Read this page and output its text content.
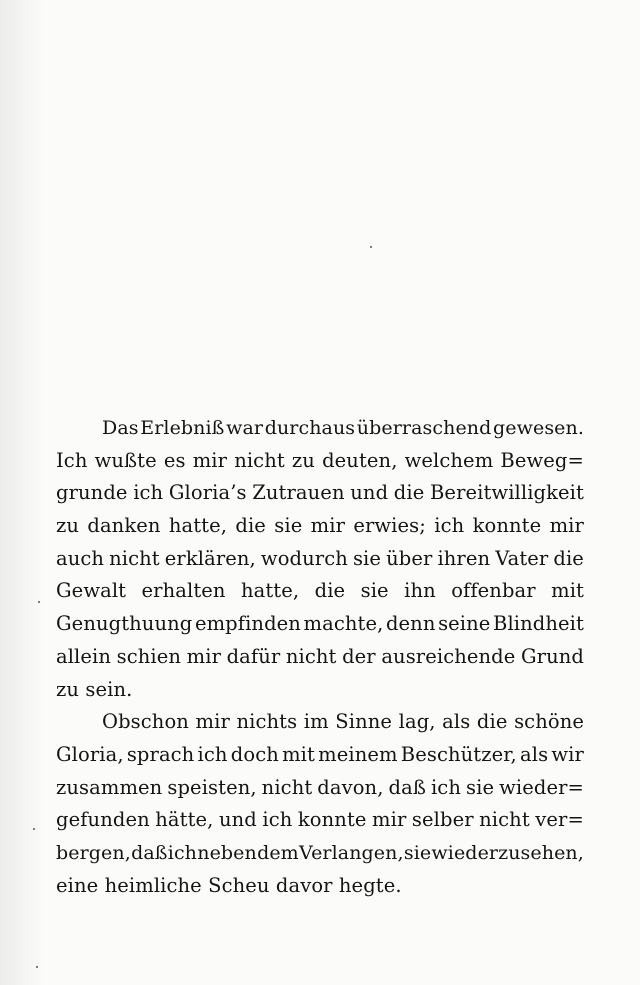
Das Erlebniß war durchaus überraschend gewesen.
Ich wußte es mir nicht zu deuten, welchem Beweg=
grunde ich Gloria’s Zutrauen und die Bereitwilligkeit
zu danken hatte, die sie mir erwies; ich konnte mir
auch nicht erklären, wodurch sie über ihren Vater die
Gewalt erhalten hatte, die sie ihn offenbar mit
Genugthuung empfinden machte, denn seine Blindheit
allein schien mir dafür nicht der ausreichende Grund
zu
sein.

Obschon mir nichts im Sinne lag, als die schöne
Gloria, sprach ich doch mit meinem Beschützer, als wir
zusammen speisten, nicht davon, daß ich sie wieder=
gefunden hätte, und ich konnte mir selber nicht ver=
bergen, daß ich neben dem Verlangen, sie wiederzusehen,
eine
heimliche
Scheu
davor
hegte.
